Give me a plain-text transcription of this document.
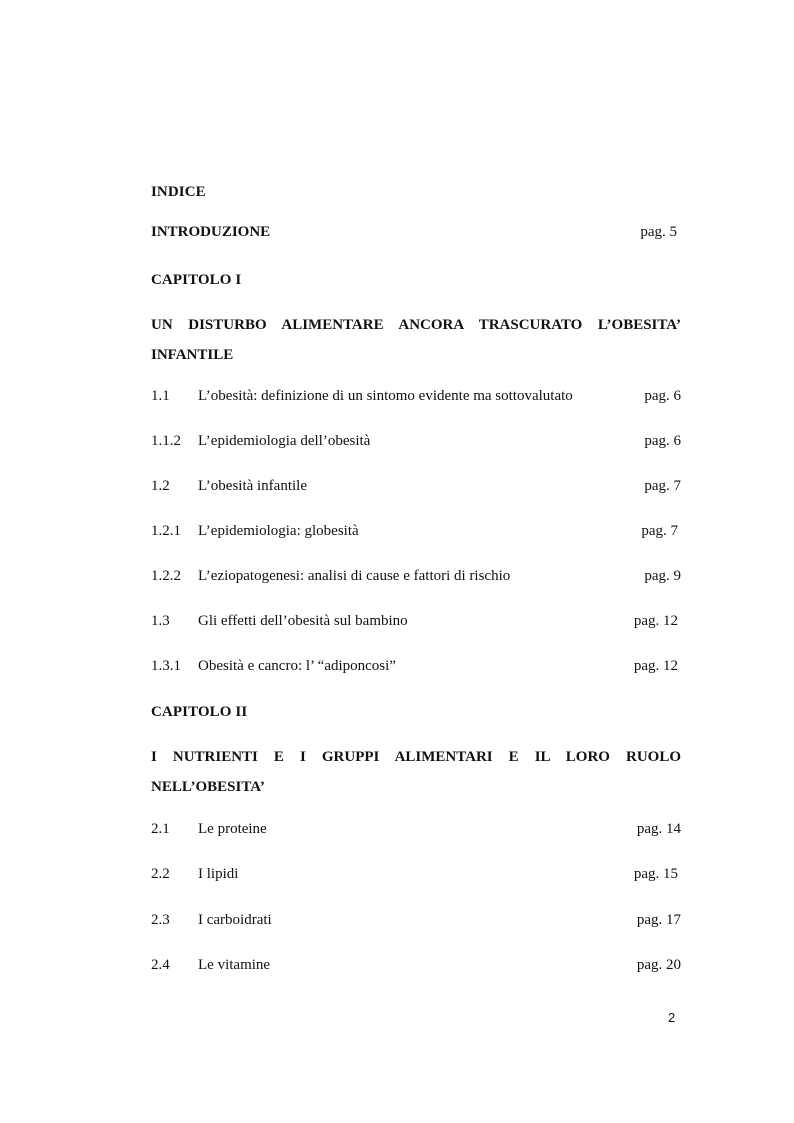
INDICE
INTRODUZIONE	pag. 5
CAPITOLO I
UN DISTURBO ALIMENTARE ANCORA TRASCURATO L’OBESITA’
INFANTILE
1.1 L’obesità: definizione di un sintomo evidente ma sottovalutato	pag. 6
1.1.2 L’epidemiologia dell’obesità	pag. 6
1.2 L’obesità infantile	pag. 7
1.2.1 L’epidemiologia: globesità	pag. 7
1.2.2 L’eziopatogenesi: analisi di cause e fattori di rischio	pag. 9
1.3 Gli effetti dell’obesità sul bambino	pag. 12
1.3.1 Obesità e cancro: l’ “adiponcosi”	pag. 12
CAPITOLO II
I NUTRIENTI E I GRUPPI ALIMENTARI E IL LORO RUOLO
NELL’OBESITA’
2.1 Le proteine	pag. 14
2.2 I lipidi	pag. 15
2.3 I carboidrati	pag. 17
2.4 Le vitamine	pag. 20
2
